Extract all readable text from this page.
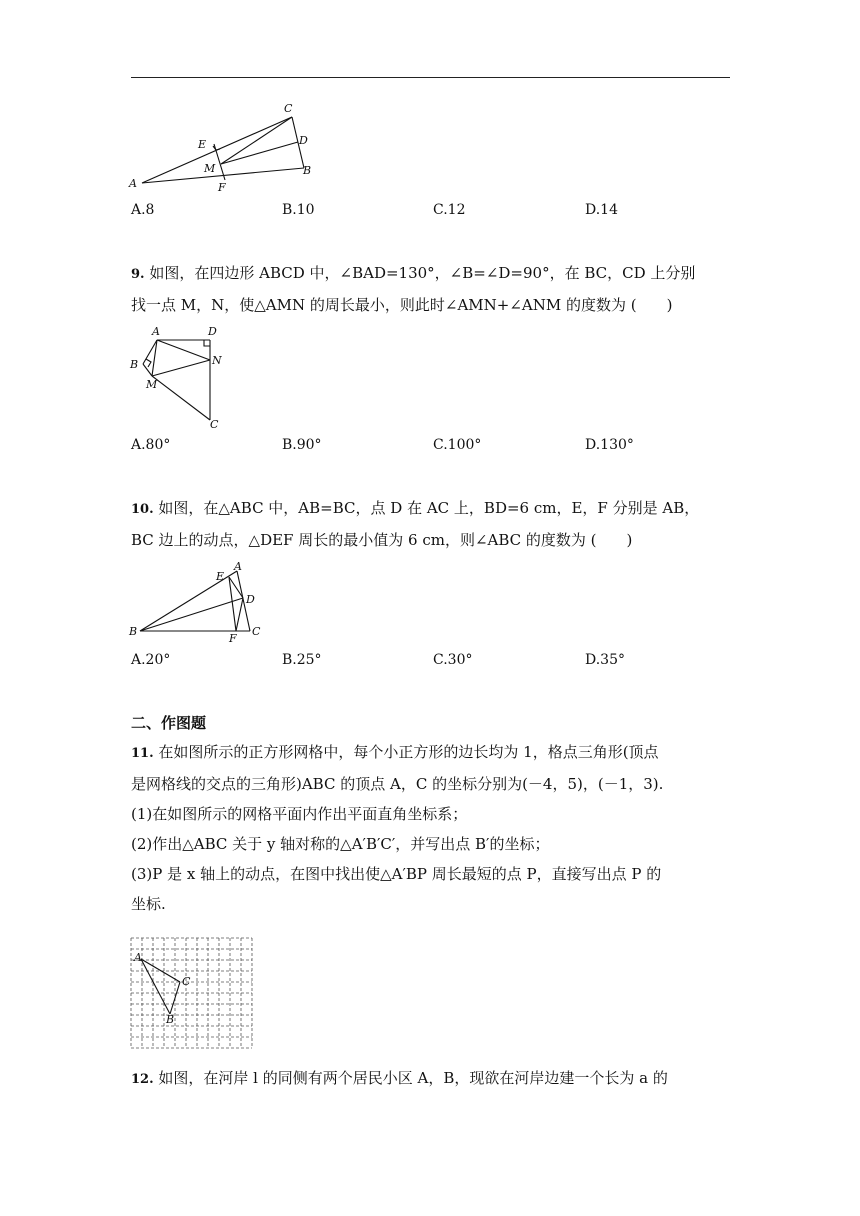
C
D
B
E
M
A	F
A.8	B.10	C.12	D.14
9. 如图，在四边形 ABCD 中，∠BAD=130°，∠B=∠D=90°，在 BC，CD 上分别
找一点 M，N，使△AMN 的周长最小，则此时∠AMN+∠ANM 的度数为 (　　)
A	D
B	N
M
C
A.80°	B.90°	C.100°	D.130°
10. 如图，在△ABC 中，AB=BC，点 D 在 AC 上，BD=6 cm，E，F 分别是 AB，
BC 边上的动点，△DEF 周长的最小值为 6 cm，则∠ABC 的度数为 (　　)
E
A
D
B
F
C
A.20°	B.25°	C.30°	D.35°
二、作图题
11. 在如图所示的正方形网格中，每个小正方形的边长均为 1，格点三角形(顶点
是网格线的交点的三角形)ABC 的顶点 A，C 的坐标分别为(－4，5)，(－1，3).
(1)在如图所示的网格平面内作出平面直角坐标系；
(2)作出△ABC 关于 y 轴对称的△A′B′C′，并写出点 B′的坐标；
(3)P 是 x 轴上的动点，在图中找出使△A′BP 周长最短的点 P，直接写出点 P 的
坐标.
A
C
B
12. 如图，在河岸 l 的同侧有两个居民小区 A，B，现欲在河岸边建一个长为 a 的
